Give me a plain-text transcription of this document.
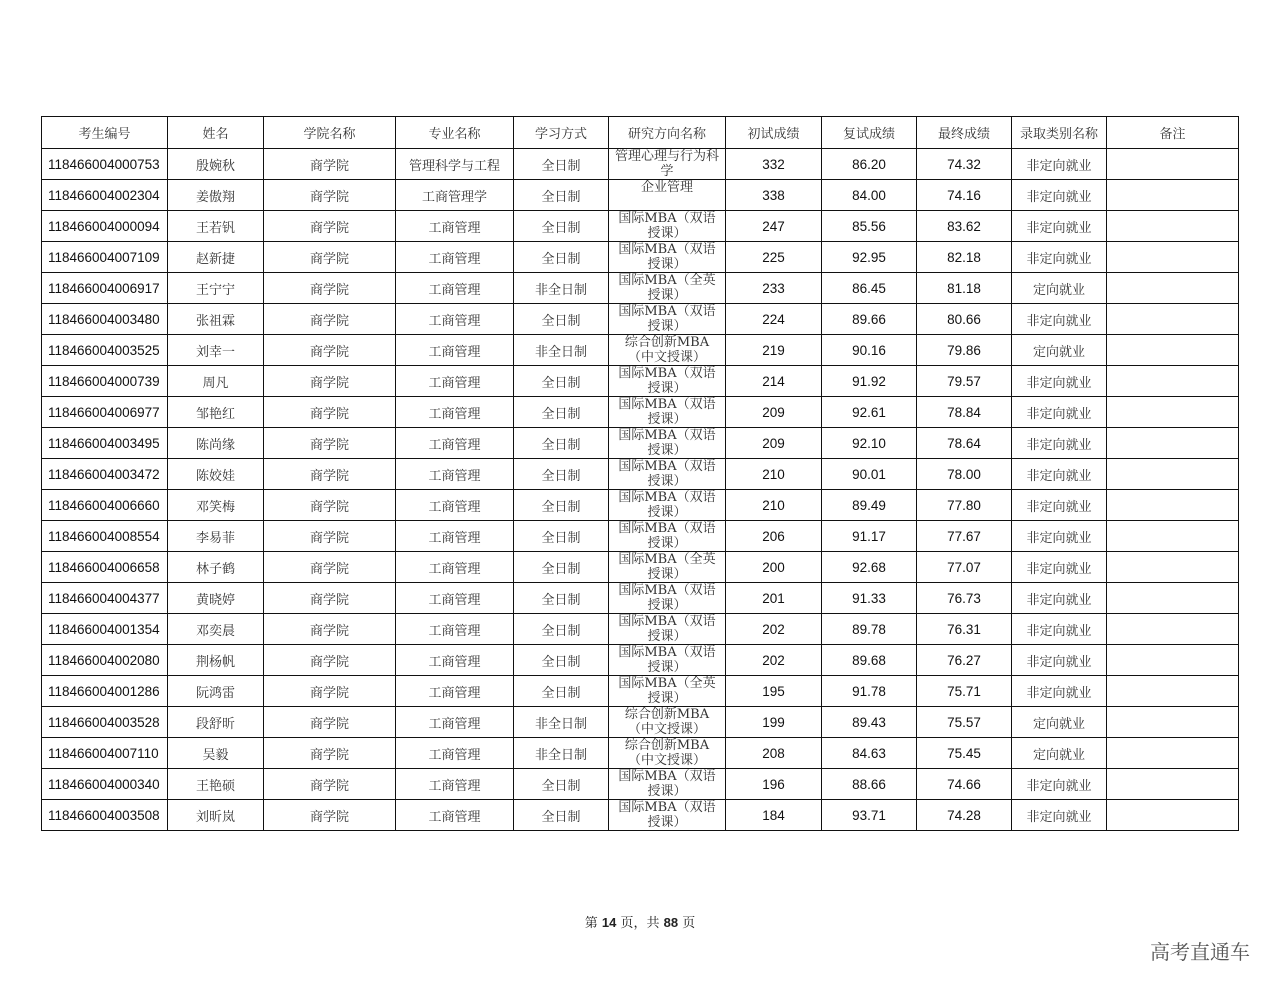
考生编号	姓名	学院名称	专业名称	学习方式	研究方向名称	初试成绩	复试成绩	最终成绩	录取类别名称	备注
118466004000753	殷婉秋	商学院	管理科学与工程	全日制	管理心理与行为科学	332	86.20	74.32	非定向就业	
118466004002304	姜傲翔	商学院	工商管理学	全日制	企业管理	338	84.00	74.16	非定向就业	
118466004000094	王若钒	商学院	工商管理	全日制	国际MBA（双语授课）	247	85.56	83.62	非定向就业	
118466004007109	赵新捷	商学院	工商管理	全日制	国际MBA（双语授课）	225	92.95	82.18	非定向就业	
118466004006917	王宁宁	商学院	工商管理	非全日制	国际MBA（全英授课）	233	86.45	81.18	定向就业	
118466004003480	张祖霖	商学院	工商管理	全日制	国际MBA（双语授课）	224	89.66	80.66	非定向就业	
118466004003525	刘幸一	商学院	工商管理	非全日制	综合创新MBA（中文授课）	219	90.16	79.86	定向就业	
118466004000739	周凡	商学院	工商管理	全日制	国际MBA（双语授课）	214	91.92	79.57	非定向就业	
118466004006977	邹艳红	商学院	工商管理	全日制	国际MBA（双语授课）	209	92.61	78.84	非定向就业	
118466004003495	陈尚缘	商学院	工商管理	全日制	国际MBA（双语授课）	209	92.10	78.64	非定向就业	
118466004003472	陈姣娃	商学院	工商管理	全日制	国际MBA（双语授课）	210	90.01	78.00	非定向就业	
118466004006660	邓笑梅	商学院	工商管理	全日制	国际MBA（双语授课）	210	89.49	77.80	非定向就业	
118466004008554	李易菲	商学院	工商管理	全日制	国际MBA（双语授课）	206	91.17	77.67	非定向就业	
118466004006658	林子鹤	商学院	工商管理	全日制	国际MBA（全英授课）	200	92.68	77.07	非定向就业	
118466004004377	黄晓婷	商学院	工商管理	全日制	国际MBA（双语授课）	201	91.33	76.73	非定向就业	
118466004001354	邓奕晨	商学院	工商管理	全日制	国际MBA（双语授课）	202	89.78	76.31	非定向就业	
118466004002080	荆杨帆	商学院	工商管理	全日制	国际MBA（双语授课）	202	89.68	76.27	非定向就业	
118466004001286	阮鸿雷	商学院	工商管理	全日制	国际MBA（全英授课）	195	91.78	75.71	非定向就业	
118466004003528	段舒昕	商学院	工商管理	非全日制	综合创新MBA（中文授课）	199	89.43	75.57	定向就业	
118466004007110	吴毅	商学院	工商管理	非全日制	综合创新MBA（中文授课）	208	84.63	75.45	定向就业	
118466004000340	王艳硕	商学院	工商管理	全日制	国际MBA（双语授课）	196	88.66	74.66	非定向就业	
118466004003508	刘昕岚	商学院	工商管理	全日制	国际MBA（双语授课）	184	93.71	74.28	非定向就业	
第 14 页，共 88 页
高考直通车
